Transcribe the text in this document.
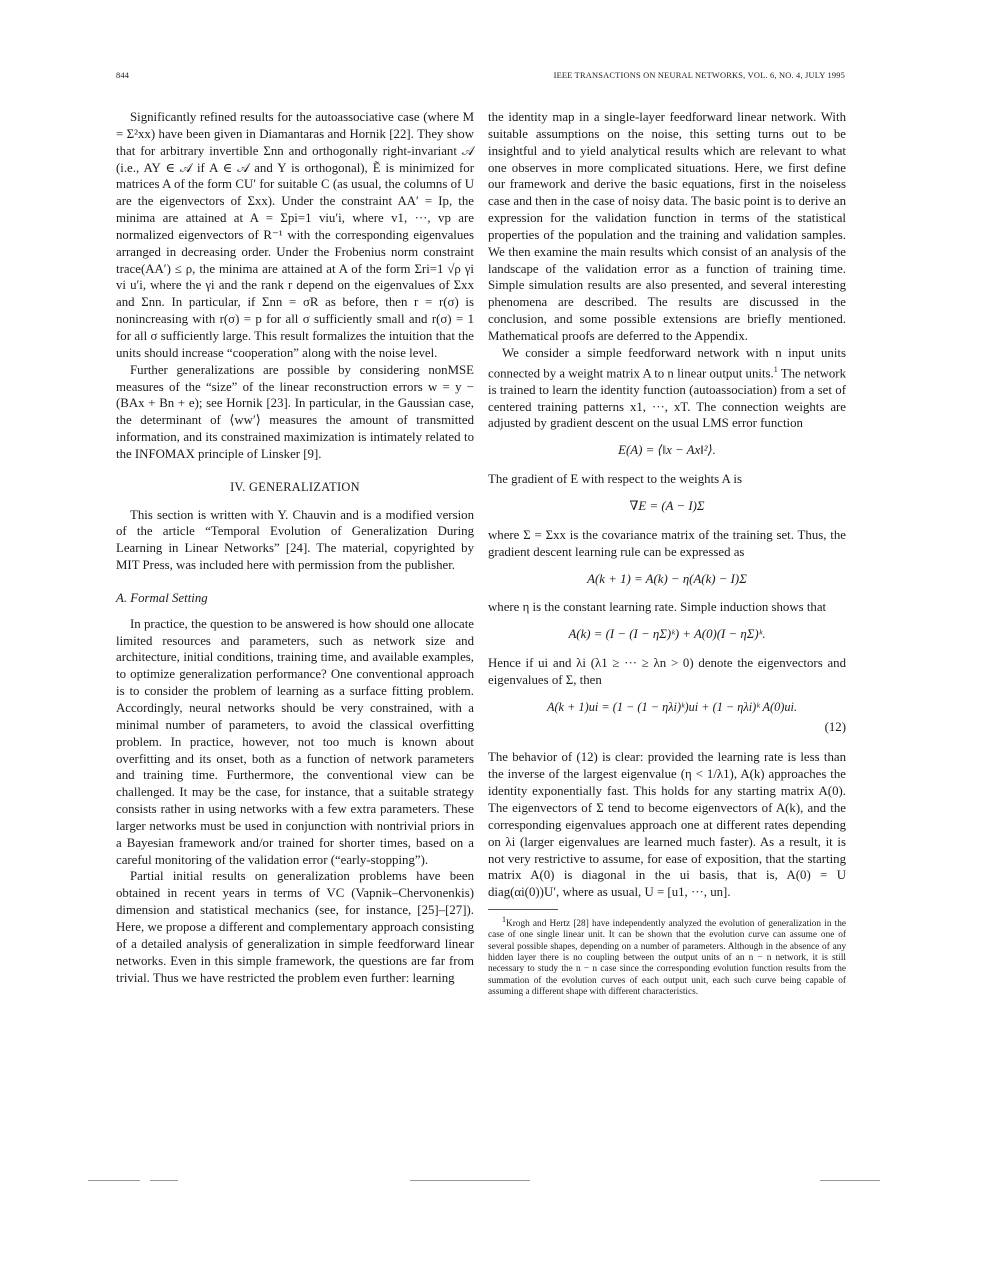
844	IEEE TRANSACTIONS ON NEURAL NETWORKS, VOL. 6, NO. 4, JULY 1995

Significantly refined results for the autoassociative case (where M = Σ²xx) have been given in Diamantaras and Hornik [22]. They show that for arbitrary invertible Σnn and orthogonally right-invariant 𝒜 (i.e., AY ∈ 𝒜 if A ∈ 𝒜 and Y is orthogonal), Ẽ is minimized for matrices A of the form CU′ for suitable C (as usual, the columns of U are the eigenvectors of Σxx). Under the constraint AA′ = Ip, the minima are attained at A = Σpi=1 viu′i, where v1, ···, vp are normalized eigenvectors of R⁻¹ with the corresponding eigenvalues arranged in decreasing order. Under the Frobenius norm constraint trace(AA′) ≤ ρ, the minima are attained at A of the form Σri=1 √ρ γi vi u′i, where the γi and the rank r depend on the eigenvalues of Σxx and Σnn. In particular, if Σnn = σR as before, then r = r(σ) is nonincreasing with r(σ) = p for all σ sufficiently small and r(σ) = 1 for all σ sufficiently large. This result formalizes the intuition that the units should increase “cooperation” along with the noise level.

Further generalizations are possible by considering nonMSE measures of the “size” of the linear reconstruction errors w = y − (BAx + Bn + e); see Hornik [23]. In particular, in the Gaussian case, the determinant of ⟨ww′⟩ measures the amount of transmitted information, and its constrained maximization is intimately related to the INFOMAX principle of Linsker [9].

IV. GENERALIZATION

This section is written with Y. Chauvin and is a modified version of the article “Temporal Evolution of Generalization During Learning in Linear Networks” [24]. The material, copyrighted by MIT Press, was included here with permission from the publisher.

A. Formal Setting

In practice, the question to be answered is how should one allocate limited resources and parameters, such as network size and architecture, initial conditions, training time, and available examples, to optimize generalization performance? One conventional approach is to consider the problem of learning as a surface fitting problem. Accordingly, neural networks should be very constrained, with a minimal number of parameters, to avoid the classical overfitting problem. In practice, however, not too much is known about overfitting and its onset, both as a function of network parameters and training time. Furthermore, the conventional view can be challenged. It may be the case, for instance, that a suitable strategy consists rather in using networks with a few extra parameters. These larger networks must be used in conjunction with nontrivial priors in a Bayesian framework and/or trained for shorter times, based on a careful monitoring of the validation error (“early-stopping”).

Partial initial results on generalization problems have been obtained in recent years in terms of VC (Vapnik–Chervonenkis) dimension and statistical mechanics (see, for instance, [25]–[27]). Here, we propose a different and complementary approach consisting of a detailed analysis of generalization in simple feedforward linear networks. Even in this simple framework, the questions are far from trivial. Thus we have restricted the problem even further: learning

the identity map in a single-layer feedforward linear network. With suitable assumptions on the noise, this setting turns out to be insightful and to yield analytical results which are relevant to what one observes in more complicated situations. Here, we first define our framework and derive the basic equations, first in the noiseless case and then in the case of noisy data. The basic point is to derive an expression for the validation function in terms of the statistical properties of the population and the training and validation samples. We then examine the main results which consist of an analysis of the landscape of the validation error as a function of training time. Simple simulation results are also presented, and several interesting phenomena are described. The results are discussed in the conclusion, and some possible extensions are briefly mentioned. Mathematical proofs are deferred to the Appendix.

We consider a simple feedforward network with n input units connected by a weight matrix A to n linear output units.$^1$ The network is trained to learn the identity function (autoassociation) from a set of centered training patterns x1, ···, xT. The connection weights are adjusted by gradient descent on the usual LMS error function

E(A) = ⟨‖x − Ax‖²⟩.

The gradient of E with respect to the weights A is

∇E = (A − I)Σ

where Σ = Σxx is the covariance matrix of the training set. Thus, the gradient descent learning rule can be expressed as

A(k + 1) = A(k) − η(A(k) − I)Σ

where η is the constant learning rate. Simple induction shows that

A(k) = (I − (I − ηΣ)ᵏ) + A(0)(I − ηΣ)ᵏ.

Hence if ui and λi (λ1 ≥ ··· ≥ λn > 0) denote the eigenvectors and eigenvalues of Σ, then

A(k + 1)ui = (1 − (1 − ηλi)ᵏ)ui + (1 − ηλi)ᵏ A(0)ui.
(12)

The behavior of (12) is clear: provided the learning rate is less than the inverse of the largest eigenvalue (η < 1/λ1), A(k) approaches the identity exponentially fast. This holds for any starting matrix A(0). The eigenvectors of Σ tend to become eigenvectors of A(k), and the corresponding eigenvalues approach one at different rates depending on λi (larger eigenvalues are learned much faster). As a result, it is not very restrictive to assume, for ease of exposition, that the starting matrix A(0) is diagonal in the ui basis, that is, A(0) = U diag(αi(0))U′, where as usual, U = [u1, ···, un].

$^1$Krogh and Hertz [28] have independently analyzed the evolution of generalization in the case of one single linear unit. It can be shown that the evolution curve can assume one of several possible shapes, depending on a number of parameters. Although in the absence of any hidden layer there is no coupling between the output units of an n − n network, it is still necessary to study the n − n case since the corresponding evolution function results from the summation of the evolution curves of each output unit, each such curve being capable of assuming a different shape with different characteristics.
